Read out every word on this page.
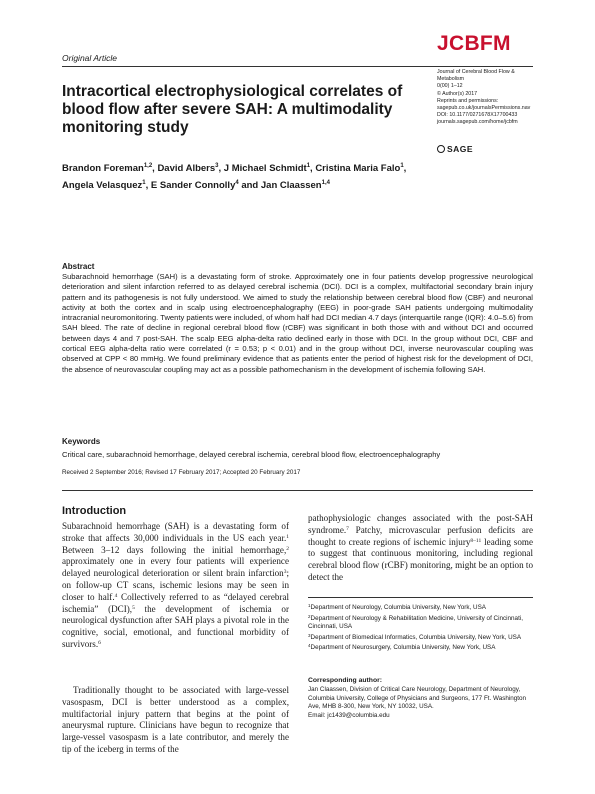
Original Article
JCBFM
Journal of Cerebral Blood Flow &
Metabolism
0(00) 1–12
© Author(s) 2017
Reprints and permissions:
sagepub.co.uk/journalsPermissions.nav
DOI: 10.1177/0271678X17700433
journals.sagepub.com/home/jcbfm
SAGE
Intracortical electrophysiological correlates of blood flow after severe SAH: A multimodality monitoring study
Brandon Foreman$^{1,2}$, David Albers$^3$, J Michael Schmidt$^1$, Cristina Maria Falo$^1$, Angela Velasquez$^1$, E Sander Connolly$^4$ and Jan Claassen$^{1,4}$
Abstract

Subarachnoid hemorrhage (SAH) is a devastating form of stroke. Approximately one in four patients develop progressive neurological deterioration and silent infarction referred to as delayed cerebral ischemia (DCI). DCI is a complex, multifactorial secondary brain injury pattern and its pathogenesis is not fully understood. We aimed to study the relationship between cerebral blood flow (CBF) and neuronal activity at both the cortex and in scalp using electroencephalography (EEG) in poor-grade SAH patients undergoing multimodality intracranial neuromonitoring. Twenty patients were included, of whom half had DCI median 4.7 days (interquartile range (IQR): 4.0–5.6) from SAH bleed. The rate of decline in regional cerebral blood flow (rCBF) was significant in both those with and without DCI and occurred between days 4 and 7 post-SAH. The scalp EEG alpha-delta ratio declined early in those with DCI. In the group without DCI, CBF and cortical EEG alpha-delta ratio were correlated (r = 0.53; p < 0.01) and in the group without DCI, inverse neurovascular coupling was observed at CPP < 80 mmHg. We found preliminary evidence that as patients enter the period of highest risk for the development of DCI, the absence of neurovascular coupling may act as a possible pathomechanism in the development of ischemia following SAH.

Keywords
Critical care, subarachnoid hemorrhage, delayed cerebral ischemia, cerebral blood flow, electroencephalography
Received 2 September 2016; Revised 17 February 2017; Accepted 20 February 2017
Introduction

Subarachnoid hemorrhage (SAH) is a devastating form of stroke that affects 30,000 individuals in the US each year.$^1$ Between 3–12 days following the initial hemorrhage,$^2$ approximately one in every four patients will experience delayed neurological deterioration or silent brain infarction$^3$; on follow-up CT scans, ischemic lesions may be seen in closer to half.$^4$ Collectively referred to as “delayed cerebral ischemia” (DCI),$^5$ the development of ischemia or neurological dysfunction after SAH plays a pivotal role in the cognitive, social, emotional, and functional morbidity of survivors.$^6$

Traditionally thought to be associated with large-vessel vasospasm, DCI is better understood as a complex, multifactorial injury pattern that begins at the point of aneurysmal rupture. Clinicians have begun to recognize that large-vessel vasospasm is a late contributor, and merely the tip of the iceberg in terms of the

pathophysiologic changes associated with the post-SAH syndrome.$^7$ Patchy, microvascular perfusion deficits are thought to create regions of ischemic injury$^{8-11}$ leading some to suggest that continuous monitoring, including regional cerebral blood flow (rCBF) monitoring, might be an option to detect the

$^1$Department of Neurology, Columbia University, New York, USA
$^2$Department of Neurology & Rehabilitation Medicine, University of Cincinnati, Cincinnati, USA
$^3$Department of Biomedical Informatics, Columbia University, New York, USA
$^4$Department of Neurosurgery, Columbia University, New York, USA
Corresponding author:
Jan Claassen, Division of Critical Care Neurology, Department of Neurology, Columbia University, College of Physicians and Surgeons, 177 Ft. Washington Ave, MHB 8-300, New York, NY 10032, USA.
Email: jc1439@columbia.edu
